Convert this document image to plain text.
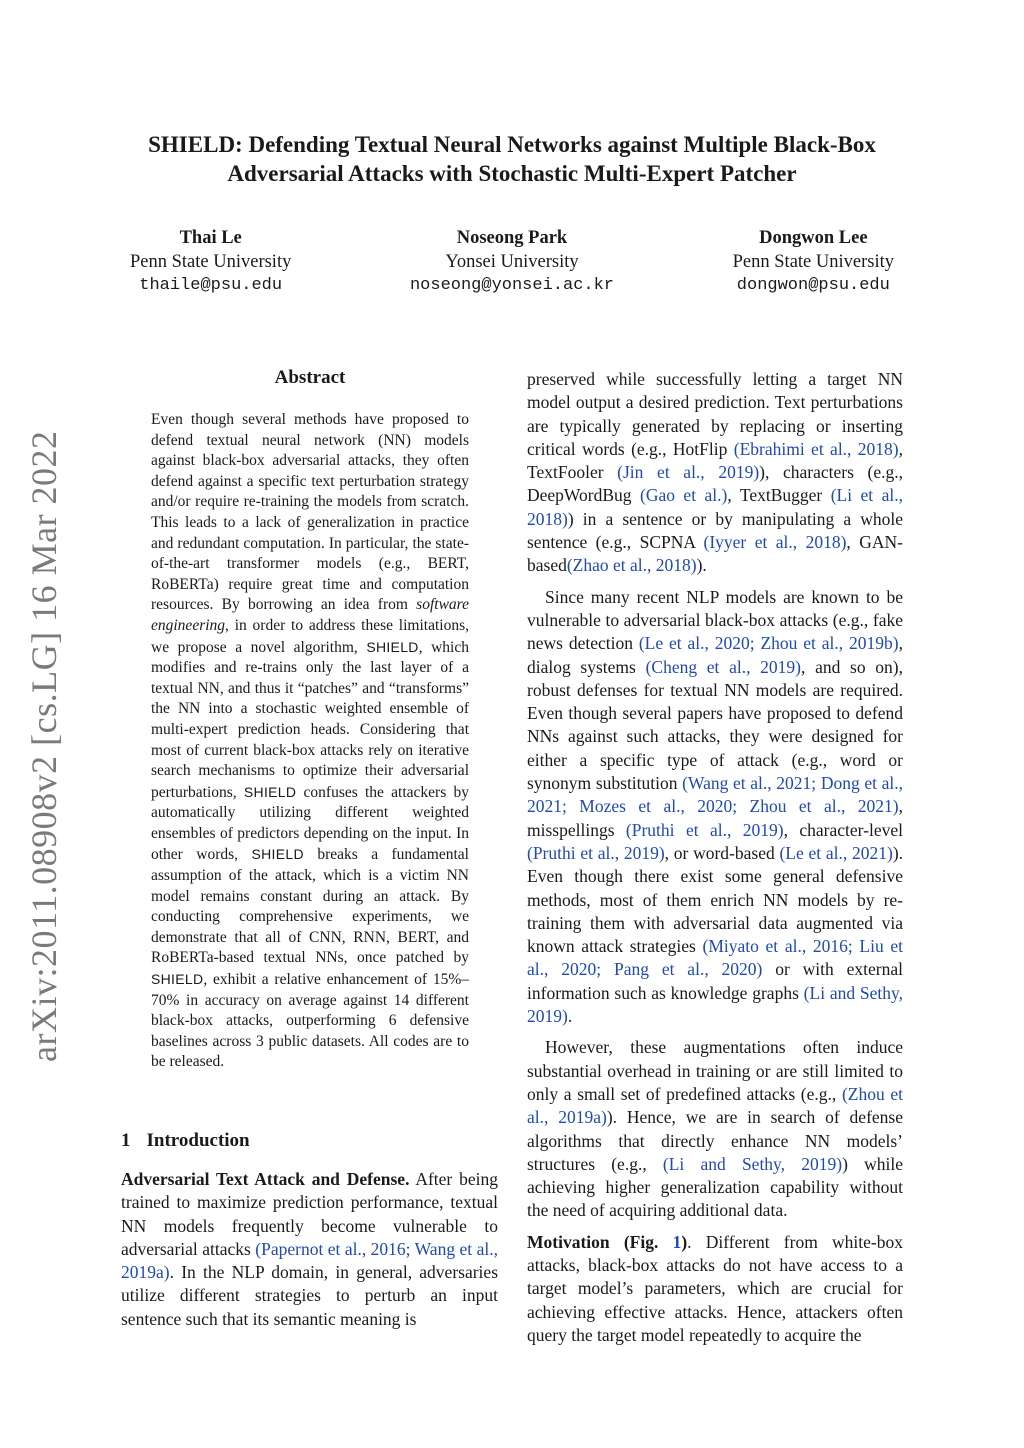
arXiv:2011.08908v2 [cs.LG] 16 Mar 2022
SHIELD: Defending Textual Neural Networks against Multiple Black-Box Adversarial Attacks with Stochastic Multi-Expert Patcher
Thai Le
Penn State University
thaile@psu.edu
Noseong Park
Yonsei University
noseong@yonsei.ac.kr
Dongwon Lee
Penn State University
dongwon@psu.edu
Abstract
Even though several methods have proposed to defend textual neural network (NN) models against black-box adversarial attacks, they often defend against a specific text perturbation strategy and/or require re-training the models from scratch. This leads to a lack of generalization in practice and redundant computation. In particular, the state-of-the-art transformer models (e.g., BERT, RoBERTa) require great time and computation resources. By borrowing an idea from software engineering, in order to address these limitations, we propose a novel algorithm, SHIELD, which modifies and re-trains only the last layer of a textual NN, and thus it “patches” and “transforms” the NN into a stochastic weighted ensemble of multi-expert prediction heads. Considering that most of current black-box attacks rely on iterative search mechanisms to optimize their adversarial perturbations, SHIELD confuses the attackers by automatically utilizing different weighted ensembles of predictors depending on the input. In other words, SHIELD breaks a fundamental assumption of the attack, which is a victim NN model remains constant during an attack. By conducting comprehensive experiments, we demonstrate that all of CNN, RNN, BERT, and RoBERTa-based textual NNs, once patched by SHIELD, exhibit a relative enhancement of 15%–70% in accuracy on average against 14 different black-box attacks, outperforming 6 defensive baselines across 3 public datasets. All codes are to be released.
1 Introduction
Adversarial Text Attack and Defense. After being trained to maximize prediction performance, textual NN models frequently become vulnerable to adversarial attacks (Papernot et al., 2016; Wang et al., 2019a). In the NLP domain, in general, adversaries utilize different strategies to perturb an input sentence such that its semantic meaning is

preserved while successfully letting a target NN model output a desired prediction. Text perturbations are typically generated by replacing or inserting critical words (e.g., HotFlip (Ebrahimi et al., 2018), TextFooler (Jin et al., 2019)), characters (e.g., DeepWordBug (Gao et al.), TextBugger (Li et al., 2018)) in a sentence or by manipulating a whole sentence (e.g., SCPNA (Iyyer et al., 2018), GAN-based(Zhao et al., 2018)).

Since many recent NLP models are known to be vulnerable to adversarial black-box attacks (e.g., fake news detection (Le et al., 2020; Zhou et al., 2019b), dialog systems (Cheng et al., 2019), and so on), robust defenses for textual NN models are required. Even though several papers have proposed to defend NNs against such attacks, they were designed for either a specific type of attack (e.g., word or synonym substitution (Wang et al., 2021; Dong et al., 2021; Mozes et al., 2020; Zhou et al., 2021), misspellings (Pruthi et al., 2019), character-level (Pruthi et al., 2019), or word-based (Le et al., 2021)). Even though there exist some general defensive methods, most of them enrich NN models by re-training them with adversarial data augmented via known attack strategies (Miyato et al., 2016; Liu et al., 2020; Pang et al., 2020) or with external information such as knowledge graphs (Li and Sethy, 2019).

However, these augmentations often induce substantial overhead in training or are still limited to only a small set of predefined attacks (e.g., (Zhou et al., 2019a)). Hence, we are in search of defense algorithms that directly enhance NN models’ structures (e.g., (Li and Sethy, 2019)) while achieving higher generalization capability without the need of acquiring additional data.

Motivation (Fig. 1). Different from white-box attacks, black-box attacks do not have access to a target model’s parameters, which are crucial for achieving effective attacks. Hence, attackers often query the target model repeatedly to acquire the
